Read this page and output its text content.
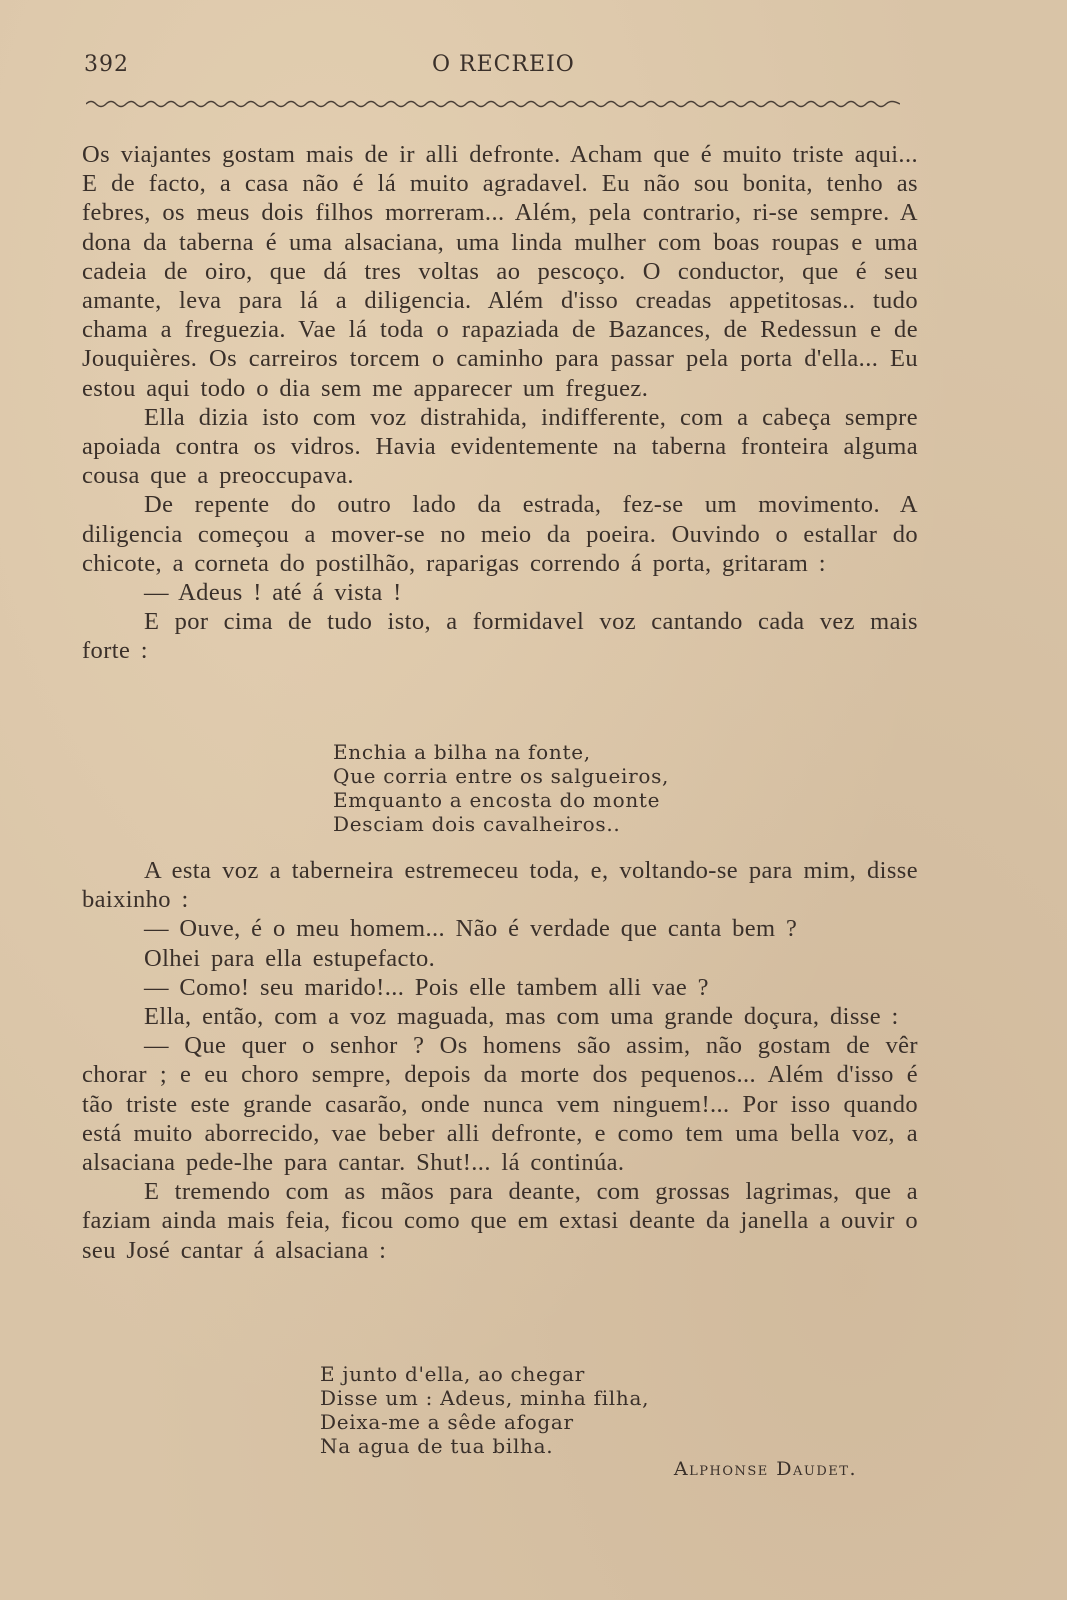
392	O RECREIO

Os viajantes gostam mais de ir alli defronte. Acham que é muito triste aqui... E de facto, a casa não é lá muito agradavel. Eu não sou bonita, tenho as febres, os meus dois filhos morreram... Além, pela contrario, ri-se sempre. A dona da taberna é uma alsaciana, uma linda mulher com boas roupas e uma cadeia de oiro, que dá tres voltas ao pescoço. O conductor, que é seu amante, leva para lá a diligencia. Além d'isso creadas appetitosas.. tudo chama a freguezia. Vae lá toda o rapaziada de Bazances, de Redessun e de Jouquières. Os carreiros torcem o caminho para passar pela porta d'ella... Eu estou aqui todo o dia sem me apparecer um freguez.

Ella dizia isto com voz distrahida, indifferente, com a cabeça sempre apoiada contra os vidros. Havia evidentemente na taberna fronteira alguma cousa que a preoccupava.

De repente do outro lado da estrada, fez-se um movimento. A diligencia começou a mover-se no meio da poeira. Ouvindo o estallar do chicote, a corneta do postilhão, raparigas correndo á porta, gritaram :

— Adeus ! até á vista !

E por cima de tudo isto, a formidavel voz cantando cada vez mais forte :

Enchia a bilha na fonte,
Que corria entre os salgueiros,
Emquanto a encosta do monte
Desciam dois cavalheiros..

A esta voz a taberneira estremeceu toda, e, voltando-se para mim, disse baixinho :

— Ouve, é o meu homem... Não é verdade que canta bem ?

Olhei para ella estupefacto.

— Como! seu marido!... Pois elle tambem alli vae ?

Ella, então, com a voz maguada, mas com uma grande doçura, disse :

— Que quer o senhor ? Os homens são assim, não gostam de vêr chorar ; e eu choro sempre, depois da morte dos pequenos... Além d'isso é tão triste este grande casarão, onde nunca vem ninguem!... Por isso quando está muito aborrecido, vae beber alli defronte, e como tem uma bella voz, a alsaciana pede-lhe para cantar. Shut!... lá continúa.

E tremendo com as mãos para deante, com grossas lagrimas, que a faziam ainda mais feia, ficou como que em extasi deante da janella a ouvir o seu José cantar á alsaciana :

E junto d'ella, ao chegar
Disse um : Adeus, minha filha,
Deixa-me a sêde afogar
Na agua de tua bilha.
Alphonse Daudet.
